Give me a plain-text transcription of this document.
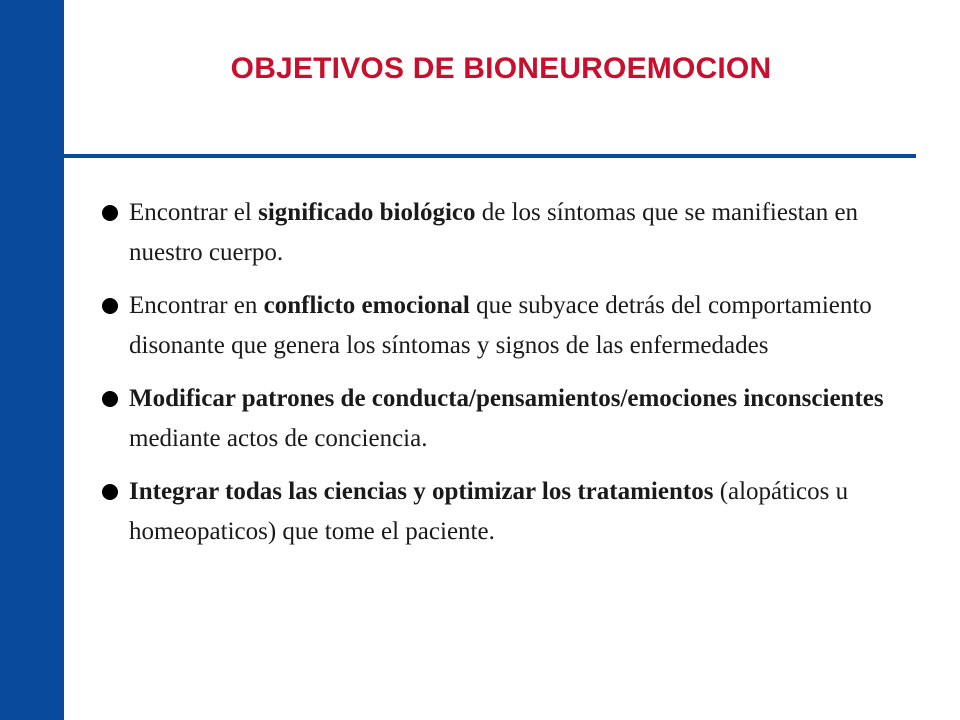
OBJETIVOS DE BIONEUROEMOCION
Encontrar el significado biológico de los síntomas que se manifiestan en nuestro cuerpo.
Encontrar en conflicto emocional que subyace detrás del comportamiento disonante que genera los síntomas y signos de las enfermedades
Modificar patrones de conducta/pensamientos/emociones inconscientes mediante actos de conciencia.
Integrar todas las ciencias y optimizar los tratamientos (alopáticos u homeopaticos) que tome el paciente.
